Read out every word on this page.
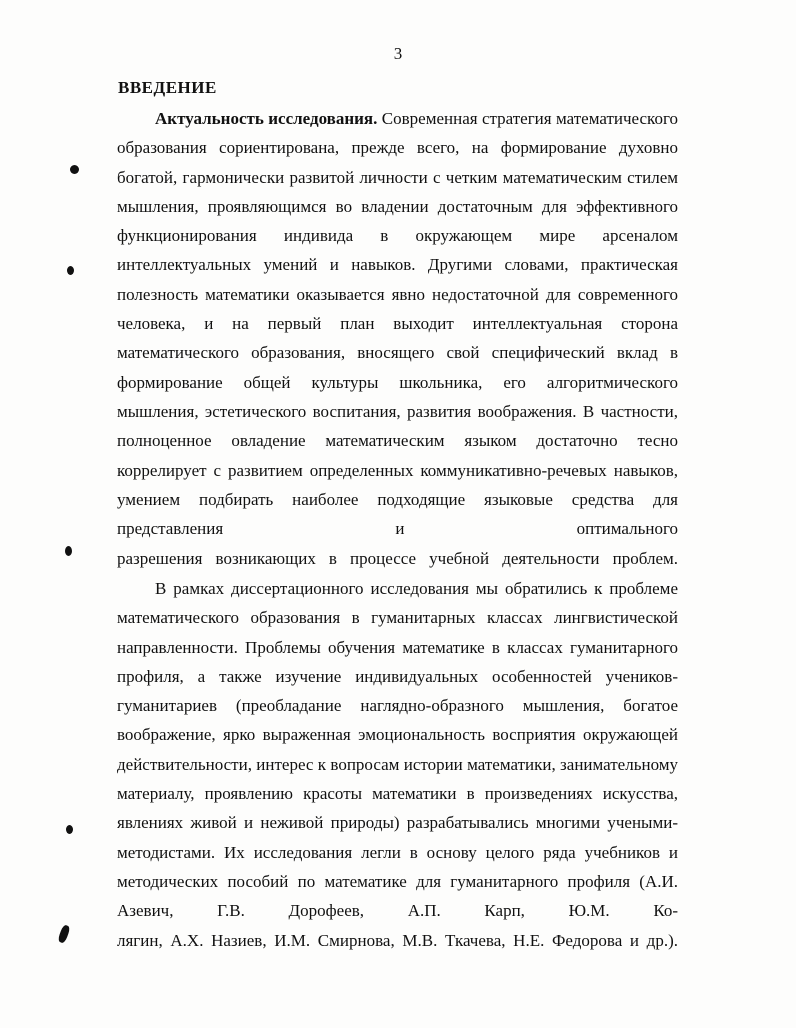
3
ВВЕДЕНИЕ
Актуальность исследования. Современная стратегия математического образования сориентирована, прежде всего, на формирование духовно богатой, гармонически развитой личности с четким математическим стилем мышления, проявляющимся во владении достаточным для эффективного функционирования индивида в окружающем мире арсеналом интеллектуальных умений и навыков. Другими словами, практическая полезность математики оказывается явно недостаточной для современного человека, и на первый план выходит интеллектуальная сторона математического образования, вносящего свой специфический вклад в формирование общей культуры школьника, его алгоритмического мышления, эстетического воспитания, развития воображения. В частности, полноценное овладение математическим языком достаточно тесно коррелирует с развитием определенных коммуникативно-речевых навыков, умением подбирать наиболее подходящие языковые средства для представления и оптимального
разрешения возникающих в процессе учебной деятельности проблем.
В рамках диссертационного исследования мы обратились к проблеме математического образования в гуманитарных классах лингвистической направленности. Проблемы обучения математике в классах гуманитарного профиля, а также изучение индивидуальных особенностей учеников-гуманитариев (преобладание наглядно-образного мышления, богатое воображение, ярко выраженная эмоциональность восприятия окружающей действительности, интерес к вопросам истории математики, занимательному материалу, проявлению красоты математики в произведениях искусства, явлениях живой и неживой природы) разрабатывались многими учеными-методистами. Их исследования легли в основу целого ряда учебников и методических пособий по математике для гуманитарного профиля (А.И. Азевич, Г.В. Дорофеев, А.П. Карп, Ю.М. Ко-
лягин, А.Х. Назиев, И.М. Смирнова, М.В. Ткачева, Н.Е. Федорова и др.).
